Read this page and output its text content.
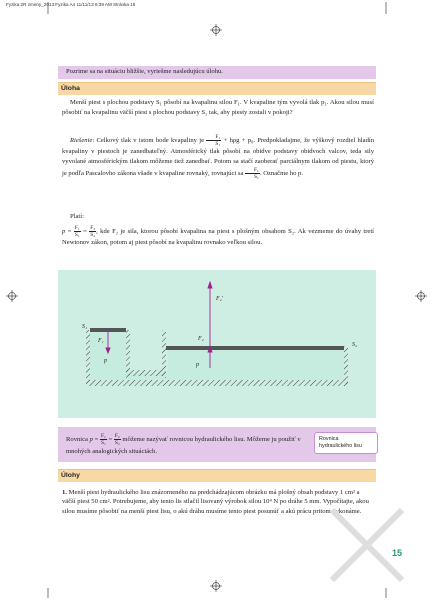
Fyzika 2R zmeny_2013:Fyzika A4 11/11/13 6:39 AM Stránka 15
Pozrime sa na situáciu bližšie, vyriešme nasledujúcu úlohu.
Úloha
Menší piest s plochou podstavy S₁ pôsobí na kvapalinu silou F₁. V kvapaline tým vyvolá tlak p₁. Akou silou musí pôsobiť na kvapalinu väčší piest s plochou podstavy S₂ tak, aby piesty zostali v pokoji?
Riešenie: Celkový tlak v istom bode kvapaliny je $\frac{\text{F₁}}{\text{S₁}} + h\rho g + p_0$. Predpokladajme, že výškový rozdiel hladín kvapaliny v piestoch je zanedbateľný. Atmosférický tlak pôsobí na obidve podstavy obidvoch valcov, teda sily vyvolané atmosférickým tlakom môžeme tiež zanedbať. Potom sa stačí zaoberať parciálnym tlakom od piestu, ktorý je podľa Pascalovho zákona všade v kvapaline rovnaký, rovnajúci sa $\frac{\text{F₁}}{\text{S₁}}$ . Označme ho p.
Platí:
$p = \frac{\text{F₁}}{\text{S₁}} = \frac{\text{F₂}}{\text{S₂}}$ , kde F₂ je sila, ktorou pôsobí kvapalina na piest s plošným obsahom S₂. Ak vezmeme do úvahy tretí Newtonov zákon, potom aj piest pôsobí na kvapalinu rovnako veľkou silou.
S₁
S₂
F₁	F₂
F₂'
p
p
Rovnica $p = \frac{\text{F₁}}{\text{S₁}} = \frac{\text{F₂}}{\text{S₂}}$ môžeme nazývať rovnicou hydraulického lisu. Môžeme ju použiť v mnohých analogických situáciách.
Rovnica hydraulického lisu
Úlohy
1. Menší piest hydraulického lisu znázorneného na predchádzajúcom obrázku má plošný obsah podstavy 1 cm² a väčší piest 50 cm². Potrebujeme, aby tento lis stlačil lisovaný výrobok silou 10⁴ N po dráhe 5 mm. Vypočítajte, akou silou musíme pôsobiť na menší piest lisu, o akú dráhu musíme tento piest posunúť a akú prácu pritom vykonáme.
15
